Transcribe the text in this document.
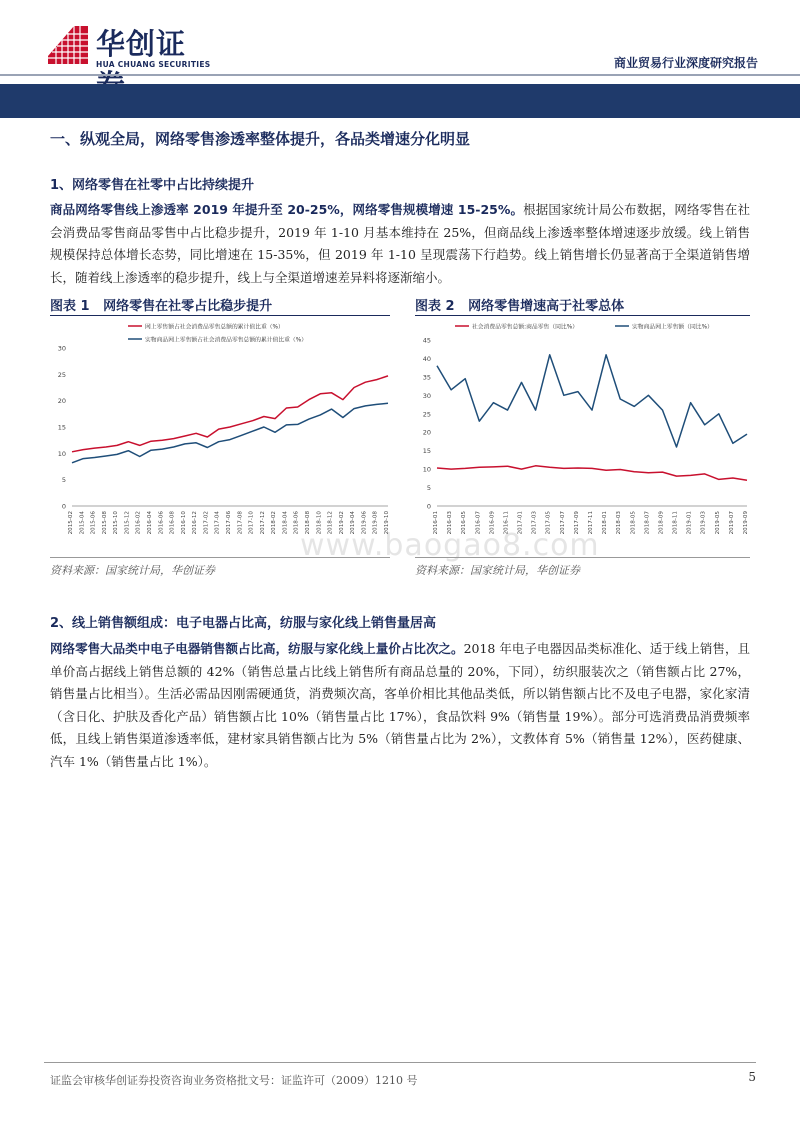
华创证
HUA CHUANG SECURITIES	商业贸易行业深度研究报告
一、纵观全局，网络零售渗透率整体提升，各品类增速分化明显
1、网络零售在社零中占比持续提升

商品网络零售线上渗透率 2019 年提升至 20-25%，网络零售规模增速 15-25%。根据国家统计局公布数据，网络零售在社会消费品零售商品零售中占比稳步提升，2019 年 1-10 月基本维持在 25%，但商品线上渗透率整体增速逐步放缓。线上销售规模保持总体增长态势，同比增速在 15-35%，但 2019 年 1-10 呈现震荡下行趋势。线上销售增长仍显著高于全渠道销售增长，随着线上渗透率的稳步提升，线上与全渠道增速差异料将逐渐缩小。

图表 1 网络零售在社零占比稳步提升
网上零售额占社会消费品零售总额的累计值比重（%）
实物商品网上零售额占社会消费品零售总额的累计值比重（%）
0
5
10
15
20
25
30
2015-02 2015-04 2015-06 2015-08 2015-10 2015-12 2016-02 2016-04 2016-06 2016-08 2016-10 2016-12 2017-02 2017-04 2017-06 2017-08 2017-10 2017-12 2018-02 2018-04 2018-06 2018-08 2018-10 2018-12 2019-02 2019-04 2019-06 2019-08 2019-10
资料来源：国家统计局，华创证券
图表 2 网络零售增速高于社零总体
社会消费品零售总额:商品零售（同比%）	实物商品网上零售额（同比%）
0
5
10
15
20
25
30
35
40
45
2016-01 2016-03 2016-05 2016-07 2016-09 2016-11 2017-01 2017-03 2017-05 2017-07 2017-09 2017-11 2018-01 2018-03 2018-05 2018-07 2018-09 2018-11 2019-01 2019-03 2019-05 2019-07 2019-09
资料来源：国家统计局，华创证券
www.baogao8.com
2、线上销售额组成：电子电器占比高，纺服与家化线上销售量居高

网络零售大品类中电子电器销售额占比高，纺服与家化线上量价占比次之。2018 年电子电器因品类标准化、适于线上销售，且单价高占据线上销售总额的 42%（销售总量占比线上销售所有商品总量的 20%，下同），纺织服装次之（销售额占比 27%，销售量占比相当）。生活必需品因刚需硬通货，消费频次高，客单价相比其他品类低，所以销售额占比不及电子电器，家化家清（含日化、护肤及香化产品）销售额占比 10%（销售量占比 17%），食品饮料 9%（销售量 19%）。部分可选消费品消费频率低，且线上销售渠道渗透率低，建材家具销售额占比为 5%（销售量占比为 2%），文教体育 5%（销售量 12%），医药健康、汽车 1%（销售量占比 1%）。

证监会审核华创证券投资咨询业务资格批文号：证监许可（2009）1210 号	5
